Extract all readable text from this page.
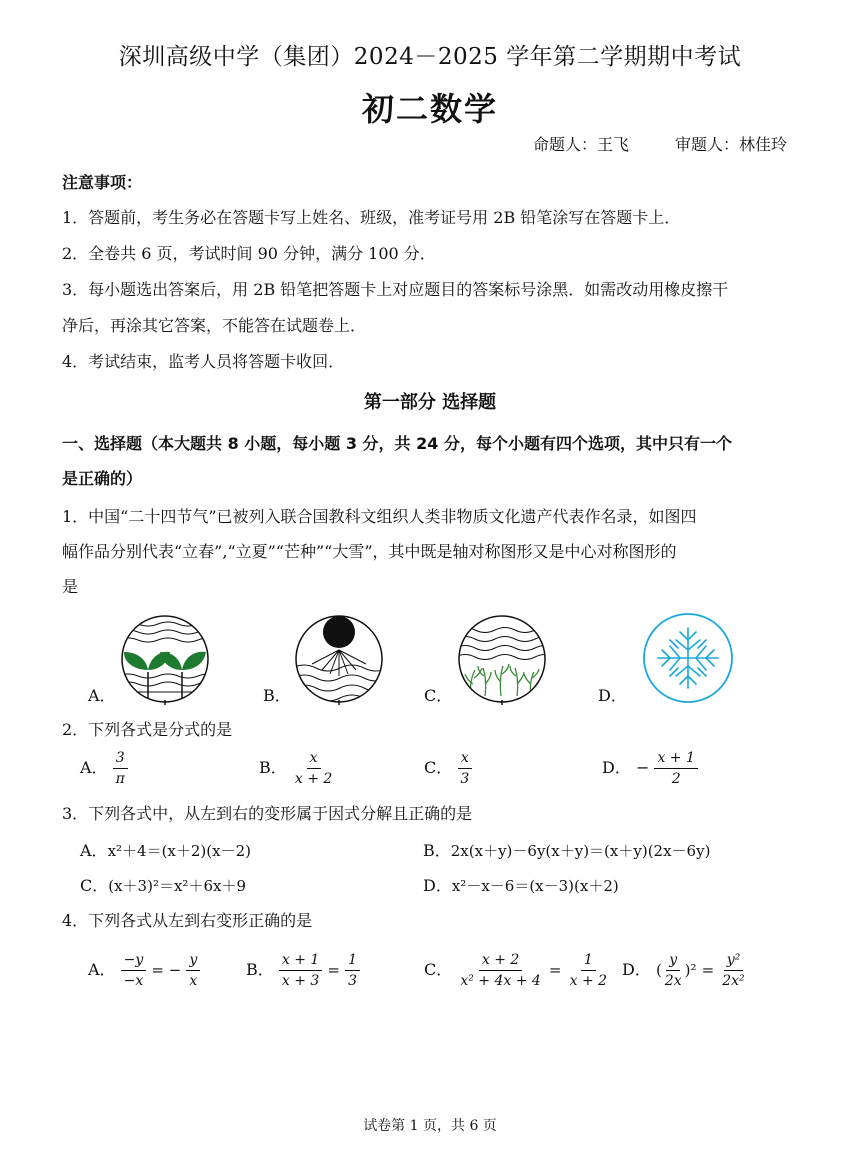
深圳高级中学（集团）2024－2025 学年第二学期期中考试
初二数学
命题人：王飞	审题人：林佳玲
注意事项：
1．答题前，考生务必在答题卡写上姓名、班级，准考证号用 2B 铅笔涂写在答题卡上．
2．全卷共 6 页，考试时间 90 分钟，满分 100 分．
3．每小题选出答案后，用 2B 铅笔把答题卡上对应题目的答案标号涂黑．如需改动用橡皮擦干
净后，再涂其它答案，不能答在试题卷上．
4．考试结束，监考人员将答题卡收回．
第一部分 选择题
一、选择题（本大题共 8 小题，每小题 3 分，共 24 分，每个小题有四个选项，其中只有一个
是正确的）
1．中国“二十四节气”已被列入联合国教科文组织人类非物质文化遗产代表作名录，如图四
幅作品分别代表“立春”,“立夏”“芒种”“大雪”，其中既是轴对称图形又是中心对称图形的
是
A．	B．	C．	D．
2．下列各式是分式的是
A． $\frac{3}{\pi}$	B． $\frac{x}{x + 2}$	C． $\frac{x}{3}$	D． − $\frac{x + 1}{2}$
3．下列各式中，从左到右的变形属于因式分解且正确的是
A．x²＋4＝(x＋2)(x－2)	B．2x(x＋y)－6y(x＋y)＝(x＋y)(2x－6y)
C．(x＋3)²＝x²＋6x＋9	D．x²－x－6＝(x－3)(x＋2)
4．下列各式从左到右变形正确的是
A． $\frac{-y}{-x}$ = − $\frac{y}{x}$	B． $\frac{x + 1}{x + 3} = \frac{1}{3}$	C． $\frac{x + 2}{\text{x² + 4x + 4}} = \frac{1}{x + 2}$ D． ( $\frac{y}{2x} )^2 = \frac{\text{y²}}{\text{2x²}}$
试卷第 1 页，共 6 页
